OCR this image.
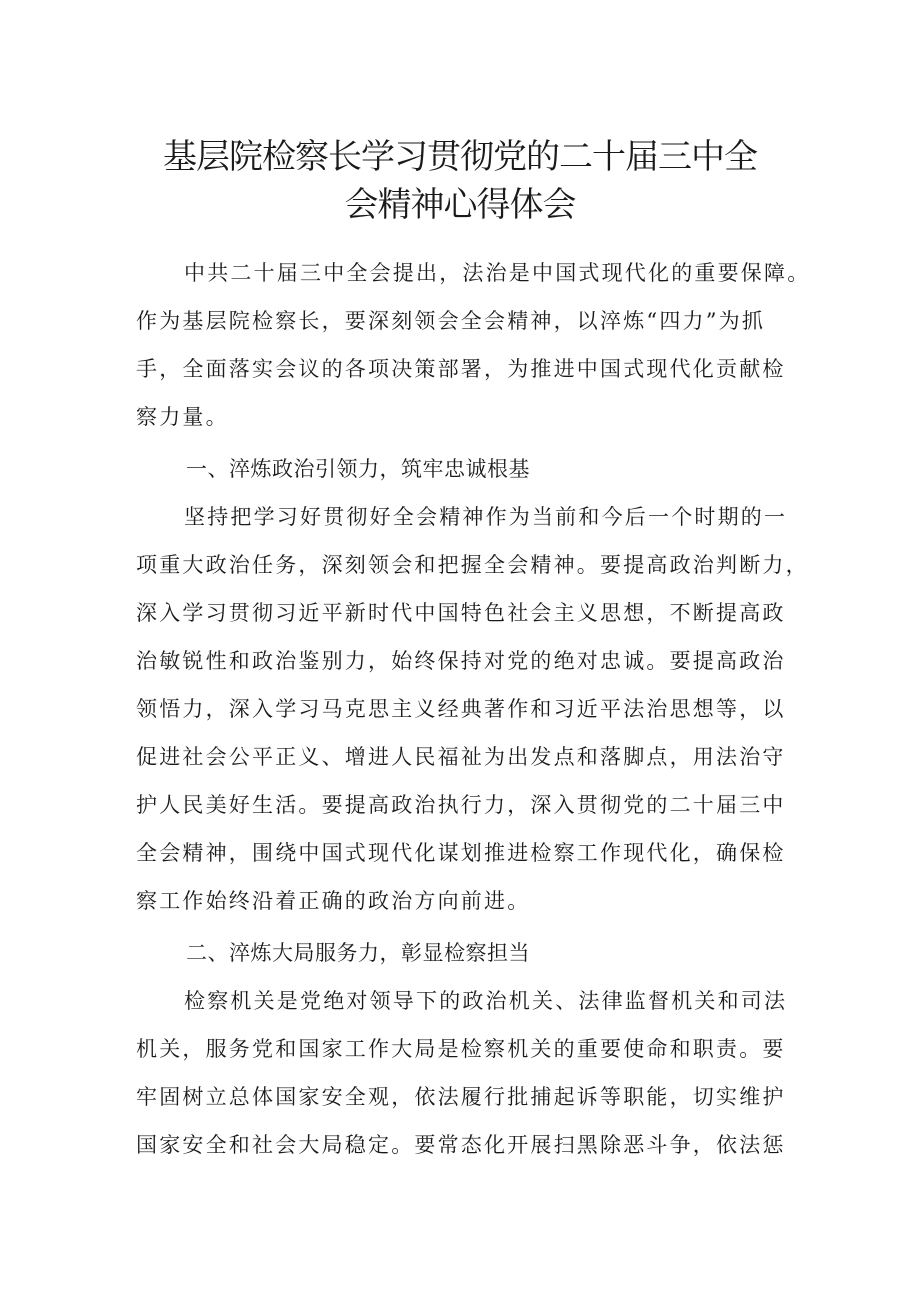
基层院检察长学习贯彻党的二十届三中全
会精神心得体会
中共二十届三中全会提出，法治是中国式现代化的重要保障。
作为基层院检察长，要深刻领会全会精神，以淬炼“四力”为抓
手，全面落实会议的各项决策部署，为推进中国式现代化贡献检
察力量。
一、淬炼政治引领力，筑牢忠诚根基
坚持把学习好贯彻好全会精神作为当前和今后一个时期的一
项重大政治任务，深刻领会和把握全会精神。要提高政治判断力，
深入学习贯彻习近平新时代中国特色社会主义思想，不断提高政
治敏锐性和政治鉴别力，始终保持对党的绝对忠诚。要提高政治
领悟力，深入学习马克思主义经典著作和习近平法治思想等，以
促进社会公平正义、增进人民福祉为出发点和落脚点，用法治守
护人民美好生活。要提高政治执行力，深入贯彻党的二十届三中
全会精神，围绕中国式现代化谋划推进检察工作现代化，确保检
察工作始终沿着正确的政治方向前进。
二、淬炼大局服务力，彰显检察担当
检察机关是党绝对领导下的政治机关、法律监督机关和司法
机关，服务党和国家工作大局是检察机关的重要使命和职责。要
牢固树立总体国家安全观，依法履行批捕起诉等职能，切实维护
国家安全和社会大局稳定。要常态化开展扫黑除恶斗争，依法惩
